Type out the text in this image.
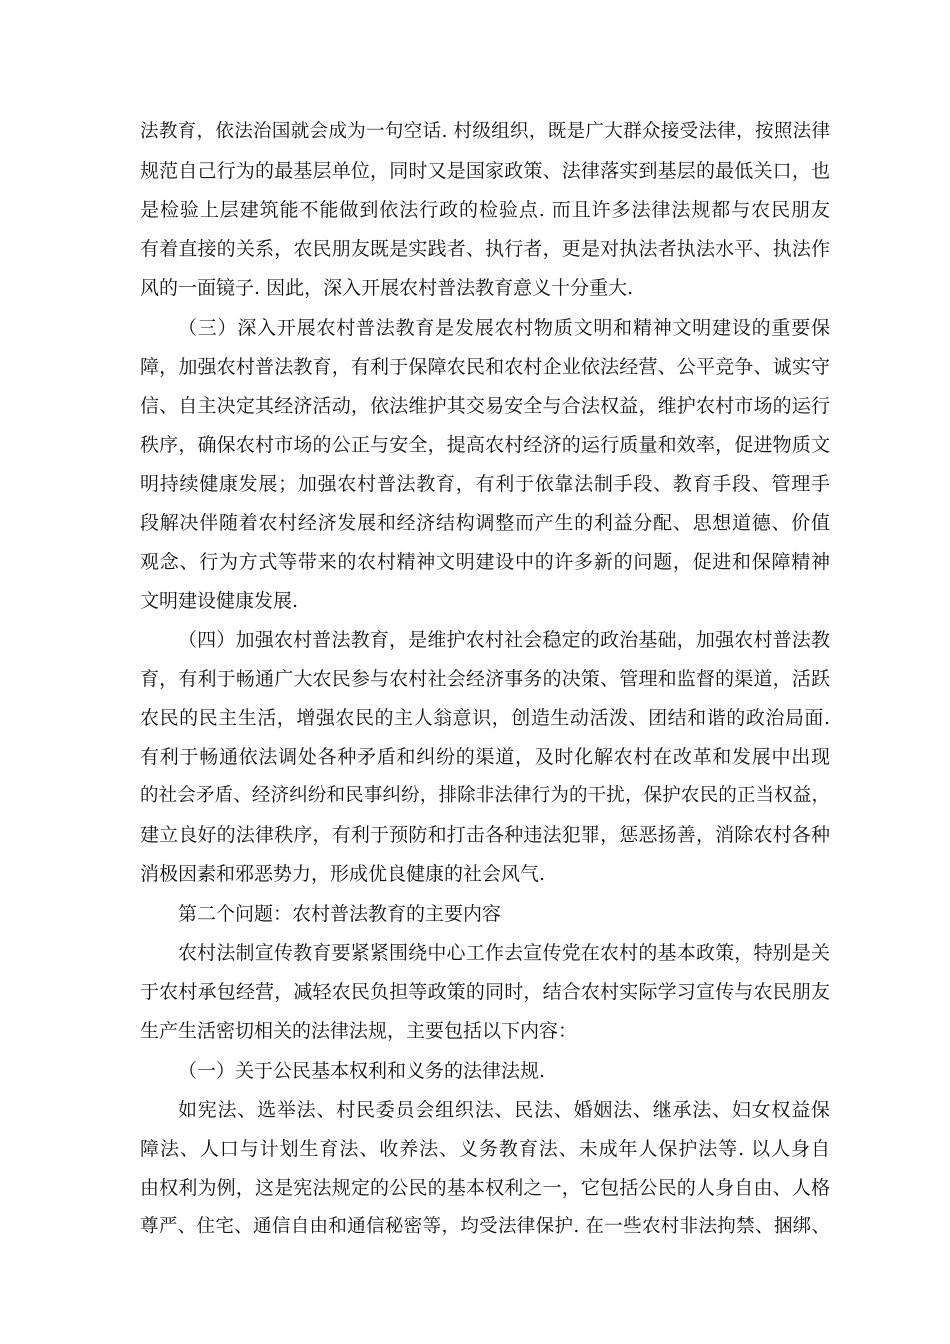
法教育，依法治国就会成为一句空话. 村级组织，既是广大群众接受法律，按照法律
规范自己行为的最基层单位，同时又是国家政策、法律落实到基层的最低关口，也
是检验上层建筑能不能做到依法行政的检验点. 而且许多法律法规都与农民朋友
有着直接的关系，农民朋友既是实践者、执行者，更是对执法者执法水平、执法作
风的一面镜子. 因此，深入开展农村普法教育意义十分重大.
（三）深入开展农村普法教育是发展农村物质文明和精神文明建设的重要保
障，加强农村普法教育，有利于保障农民和农村企业依法经营、公平竞争、诚实守
信、自主决定其经济活动，依法维护其交易安全与合法权益，维护农村市场的运行
秩序，确保农村市场的公正与安全，提高农村经济的运行质量和效率，促进物质文
明持续健康发展；加强农村普法教育，有利于依靠法制手段、教育手段、管理手
段解决伴随着农村经济发展和经济结构调整而产生的利益分配、思想道德、价值
观念、行为方式等带来的农村精神文明建设中的许多新的问题，促进和保障精神
文明建设健康发展.
（四）加强农村普法教育，是维护农村社会稳定的政治基础，加强农村普法教
育，有利于畅通广大农民参与农村社会经济事务的决策、管理和监督的渠道，活跃
农民的民主生活，增强农民的主人翁意识，创造生动活泼、团结和谐的政治局面.
有利于畅通依法调处各种矛盾和纠纷的渠道，及时化解农村在改革和发展中出现
的社会矛盾、经济纠纷和民事纠纷，排除非法律行为的干扰，保护农民的正当权益，
建立良好的法律秩序，有利于预防和打击各种违法犯罪，惩恶扬善，消除农村各种
消极因素和邪恶势力，形成优良健康的社会风气.
第二个问题：农村普法教育的主要内容
农村法制宣传教育要紧紧围绕中心工作去宣传党在农村的基本政策，特别是关
于农村承包经营，减轻农民负担等政策的同时，结合农村实际学习宣传与农民朋友
生产生活密切相关的法律法规，主要包括以下内容：
（一）关于公民基本权利和义务的法律法规.
如宪法、选举法、村民委员会组织法、民法、婚姻法、继承法、妇女权益保
障法、人口与计划生育法、收养法、义务教育法、未成年人保护法等. 以人身自
由权利为例，这是宪法规定的公民的基本权利之一，它包括公民的人身自由、人格
尊严、住宅、通信自由和通信秘密等，均受法律保护. 在一些农村非法拘禁、捆绑、
